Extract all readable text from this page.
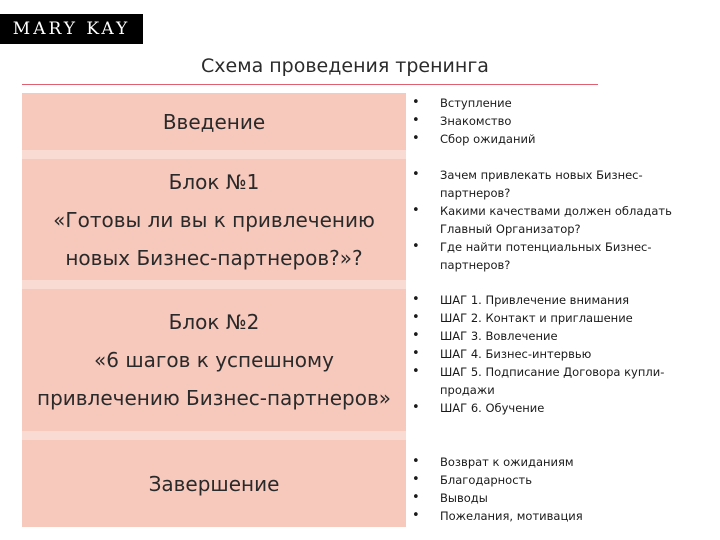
MARY KAY
Схема проведения тренинга
Введение
Блок №1
«Готовы ли вы к привлечению
новых Бизнес-партнеров?»?
Блок №2
«6 шагов к успешному
привлечению Бизнес-партнеров»
Завершение
• Вступление
• Знакомство
• Сбор ожиданий
• Зачем привлекать новых Бизнес-партнеров?
• Какими качествами должен обладать Главный Организатор?
• Где найти потенциальных Бизнес-партнеров?
• ШАГ 1. Привлечение внимания
• ШАГ 2. Контакт и приглашение
• ШАГ 3. Вовлечение
• ШАГ 4. Бизнес-интервью
• ШАГ 5. Подписание Договора купли-продажи
• ШАГ 6. Обучение
• Возврат к ожиданиям
• Благодарность
• Выводы
• Пожелания, мотивация
